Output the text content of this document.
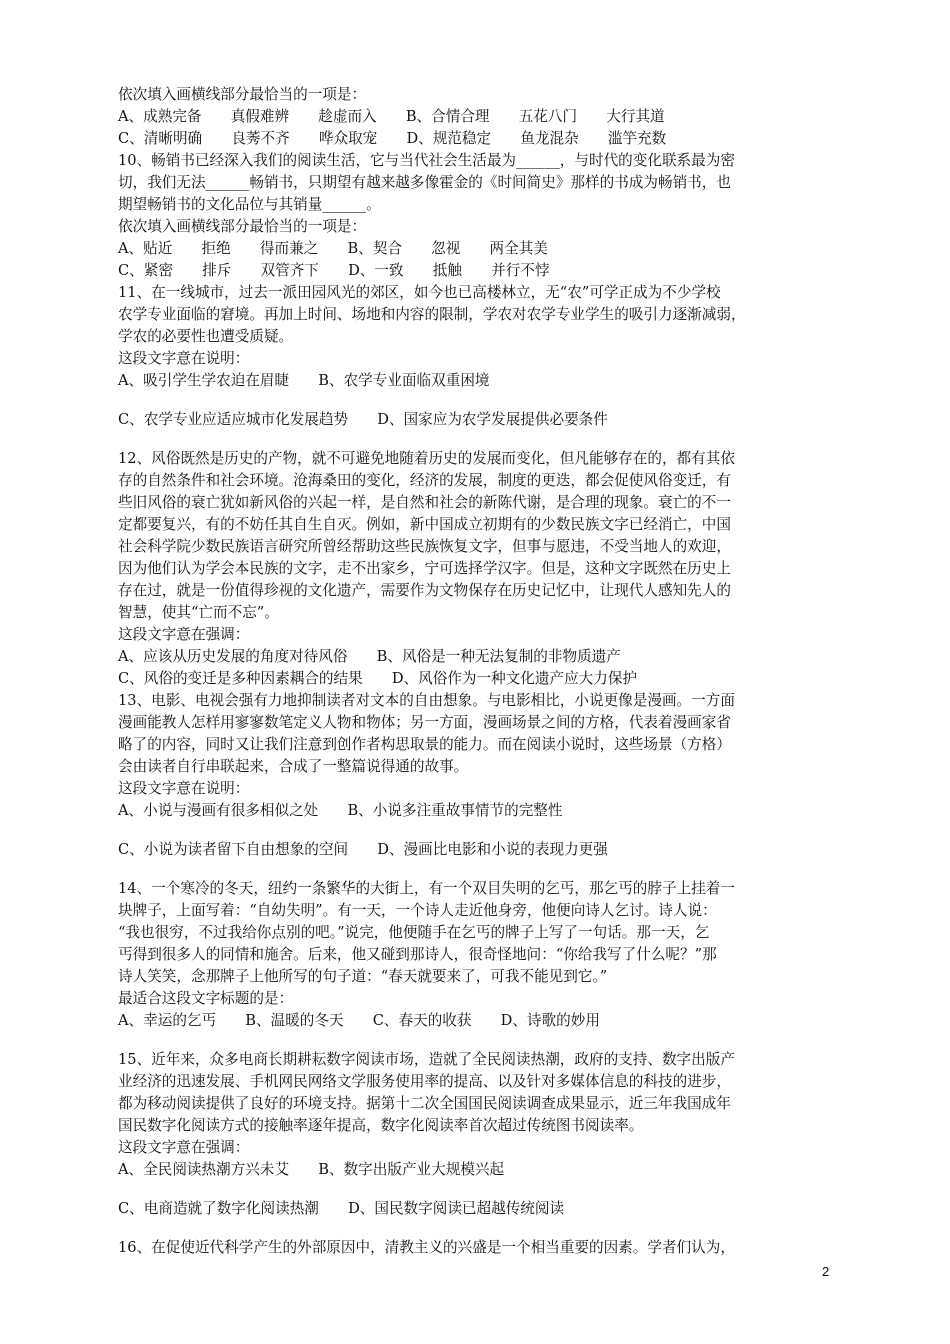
依次填入画横线部分最恰当的一项是：
A、成熟完备　　真假难辨　　趁虚而入　　B、合情合理　　五花八门　　大行其道
C、清晰明确　　良莠不齐　　哗众取宠　　D、规范稳定　　鱼龙混杂　　滥竽充数
10、畅销书已经深入我们的阅读生活，它与当代社会生活最为______，与时代的变化联系最为密
切，我们无法______畅销书，只期望有越来越多像霍金的《时间简史》那样的书成为畅销书，也
期望畅销书的文化品位与其销量______。
依次填入画横线部分最恰当的一项是：
A、贴近　　拒绝　　得而兼之　　B、契合　　忽视　　两全其美
C、紧密　　排斥　　双管齐下　　D、一致　　抵触　　并行不悖
11、在一线城市，过去一派田园风光的郊区，如今也已高楼林立，无“农”可学正成为不少学校
农学专业面临的窘境。再加上时间、场地和内容的限制，学农对农学专业学生的吸引力逐渐减弱，
学农的必要性也遭受质疑。
这段文字意在说明：
A、吸引学生学农迫在眉睫　　B、农学专业面临双重困境
C、农学专业应适应城市化发展趋势　　D、国家应为农学发展提供必要条件
12、风俗既然是历史的产物，就不可避免地随着历史的发展而变化，但凡能够存在的，都有其依
存的自然条件和社会环境。沧海桑田的变化，经济的发展，制度的更迭，都会促使风俗变迁，有
些旧风俗的衰亡犹如新风俗的兴起一样，是自然和社会的新陈代谢，是合理的现象。衰亡的不一
定都要复兴，有的不妨任其自生自灭。例如，新中国成立初期有的少数民族文字已经消亡，中国
社会科学院少数民族语言研究所曾经帮助这些民族恢复文字，但事与愿违，不受当地人的欢迎，
因为他们认为学会本民族的文字，走不出家乡，宁可选择学汉字。但是，这种文字既然在历史上
存在过，就是一份值得珍视的文化遗产，需要作为文物保存在历史记忆中，让现代人感知先人的
智慧，使其“亡而不忘”。
这段文字意在强调：
A、应该从历史发展的角度对待风俗　　B、风俗是一种无法复制的非物质遗产
C、风俗的变迁是多种因素耦合的结果　　D、风俗作为一种文化遗产应大力保护
13、电影、电视会强有力地抑制读者对文本的自由想象。与电影相比，小说更像是漫画。一方面
漫画能教人怎样用寥寥数笔定义人物和物体；另一方面，漫画场景之间的方格，代表着漫画家省
略了的内容，同时又让我们注意到创作者构思取景的能力。而在阅读小说时，这些场景（方格）
会由读者自行串联起来，合成了一整篇说得通的故事。
这段文字意在说明：
A、小说与漫画有很多相似之处　　B、小说多注重故事情节的完整性
C、小说为读者留下自由想象的空间　　D、漫画比电影和小说的表现力更强
14、一个寒冷的冬天，纽约一条繁华的大街上，有一个双目失明的乞丐，那乞丐的脖子上挂着一
块牌子，上面写着：“自幼失明”。有一天，一个诗人走近他身旁，他便向诗人乞讨。诗人说：
“我也很穷，不过我给你点别的吧。”说完，他便随手在乞丐的牌子上写了一句话。那一天，乞
丐得到很多人的同情和施舍。后来，他又碰到那诗人，很奇怪地问：“你给我写了什么呢？”那
诗人笑笑，念那牌子上他所写的句子道：“春天就要来了，可我不能见到它。”
最适合这段文字标题的是：
A、幸运的乞丐　　B、温暖的冬天　　C、春天的收获　　D、诗歌的妙用
15、近年来，众多电商长期耕耘数字阅读市场，造就了全民阅读热潮，政府的支持、数字出版产
业经济的迅速发展、手机网民网络文学服务使用率的提高、以及针对多媒体信息的科技的进步，
都为移动阅读提供了良好的环境支持。据第十二次全国国民阅读调查成果显示，近三年我国成年
国民数字化阅读方式的接触率逐年提高，数字化阅读率首次超过传统图书阅读率。
这段文字意在强调：
A、全民阅读热潮方兴未艾　　B、数字出版产业大规模兴起
C、电商造就了数字化阅读热潮　　D、国民数字阅读已超越传统阅读
16、在促使近代科学产生的外部原因中，清教主义的兴盛是一个相当重要的因素。学者们认为，
2
